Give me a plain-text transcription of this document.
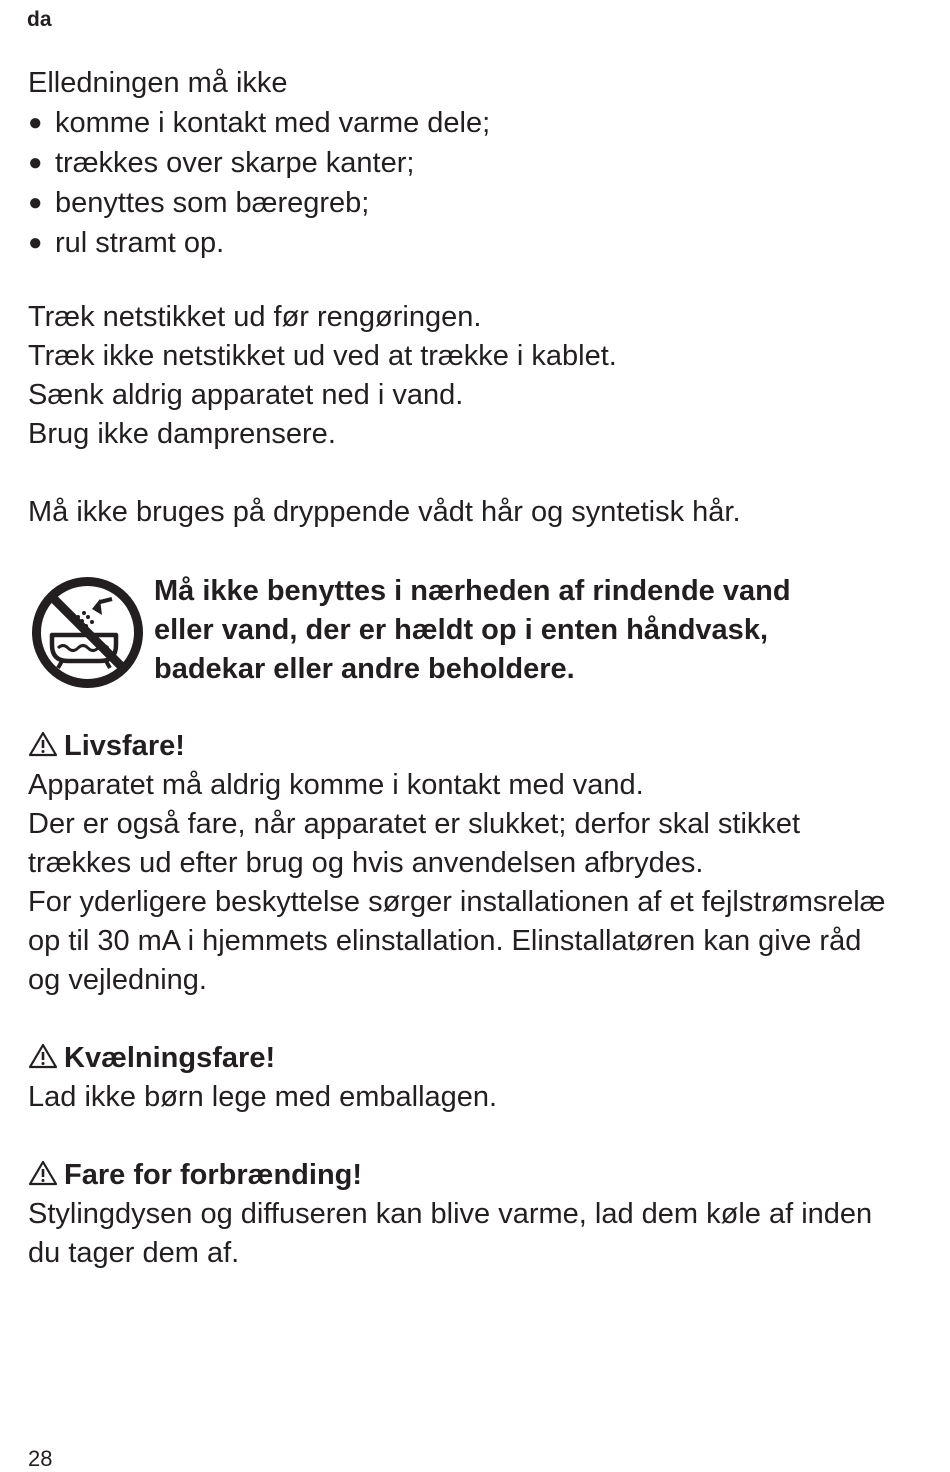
da

Elledningen må ikke

● komme i kontakt med varme dele;
● trækkes over skarpe kanter;
● benyttes som bæregreb;
● rul stramt op.

Træk netstikket ud før rengøringen.

Træk ikke netstikket ud ved at trække i kablet.

Sænk aldrig apparatet ned i vand.

Brug ikke damprensere.

Må ikke bruges på dryppende vådt hår og syntetisk hår.

Må ikke benyttes i nærheden af rindende vand

eller vand, der er hældt op i enten håndvask,

badekar eller andre beholdere.

Livsfare!

Apparatet må aldrig komme i kontakt med vand.

Der er også fare, når apparatet er slukket; derfor skal stikket

trækkes ud efter brug og hvis anvendelsen afbrydes.

For yderligere beskyttelse sørger installationen af et fejlstrømsrelæ

op til 30 mA i hjemmets elinstallation. Elinstallatøren kan give råd

og vejledning.

Kvælningsfare!

Lad ikke børn lege med emballagen.

Fare for forbrænding!

Stylingdysen og diffuseren kan blive varme, lad dem køle af inden

du tager dem af.

28
